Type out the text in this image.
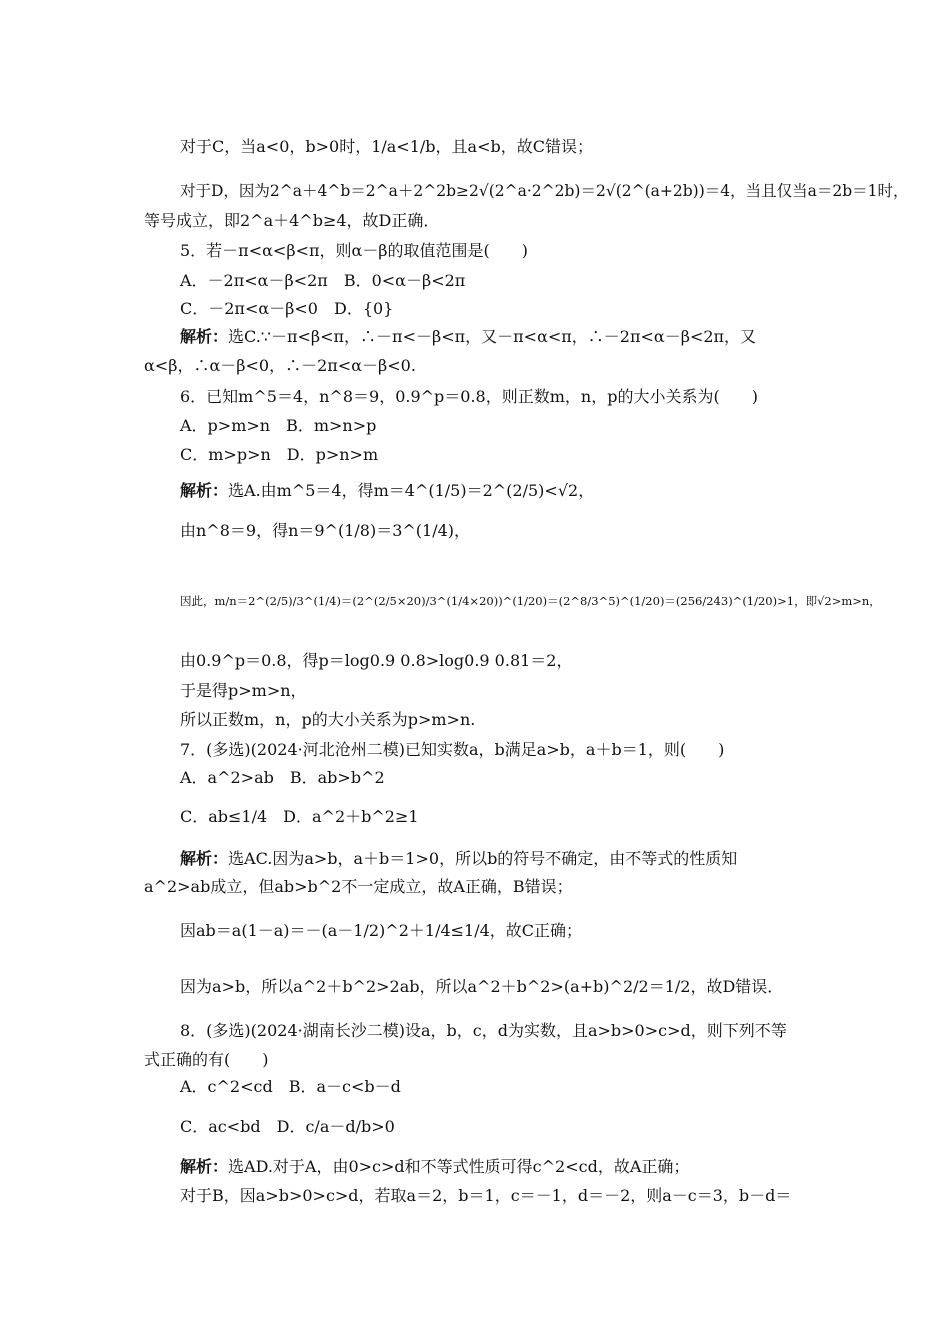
对于C，当a<0，b>0时，1/a<1/b，且a<b，故C错误；
对于D，因为2^a＋4^b＝2^a＋2^2b≥2√(2^a·2^2b)＝2√(2^(a+2b))＝4，当且仅当a＝2b＝1时，
等号成立，即2^a＋4^b≥4，故D正确．
5．若－π<α<β<π，则α－β的取值范围是(　　)
A．－2π<α－β<2π　B．0<α－β<2π
C．－2π<α－β<0　D．{0}
解析：选C.∵－π<β<π，∴－π<－β<π，又－π<α<π，∴－2π<α－β<2π，又
α<β，∴α－β<0，∴－2π<α－β<0.
6．已知m^5＝4，n^8＝9，0.9^p＝0.8，则正数m，n，p的大小关系为(　　)
A．p>m>n　B．m>n>p
C．m>p>n　D．p>n>m
解析：选A.由m^5＝4，得m＝4^(1/5)＝2^(2/5)<√2，
由n^8＝9，得n＝9^(1/8)＝3^(1/4)，
因此，m/n＝2^(2/5)/3^(1/4)＝(2^(2/5×20)/3^(1/4×20))^(1/20)＝(2^8/3^5)^(1/20)＝(256/243)^(1/20)>1，即√2>m>n，
由0.9^p＝0.8，得p＝log0.9 0.8>log0.9 0.81＝2，
于是得p>m>n，
所以正数m，n，p的大小关系为p>m>n.
7．(多选)(2024·河北沧州二模)已知实数a，b满足a>b，a＋b＝1，则(　　)
A．a^2>ab　B．ab>b^2
C．ab≤1/4　D．a^2＋b^2≥1
解析：选AC.因为a>b，a＋b＝1>0，所以b的符号不确定，由不等式的性质知
a^2>ab成立，但ab>b^2不一定成立，故A正确，B错误；
因ab＝a(1－a)＝－(a－1/2)^2＋1/4≤1/4，故C正确；
因为a>b，所以a^2＋b^2>2ab，所以a^2＋b^2>(a+b)^2/2＝1/2，故D错误．
8．(多选)(2024·湖南长沙二模)设a，b，c，d为实数，且a>b>0>c>d，则下列不等
式正确的有(　　)
A．c^2<cd　B．a－c<b－d
C．ac<bd　D．c/a－d/b>0
解析：选AD.对于A，由0>c>d和不等式性质可得c^2<cd，故A正确；
对于B，因a>b>0>c>d，若取a＝2，b＝1，c＝－1，d＝－2，则a－c＝3，b－d＝
